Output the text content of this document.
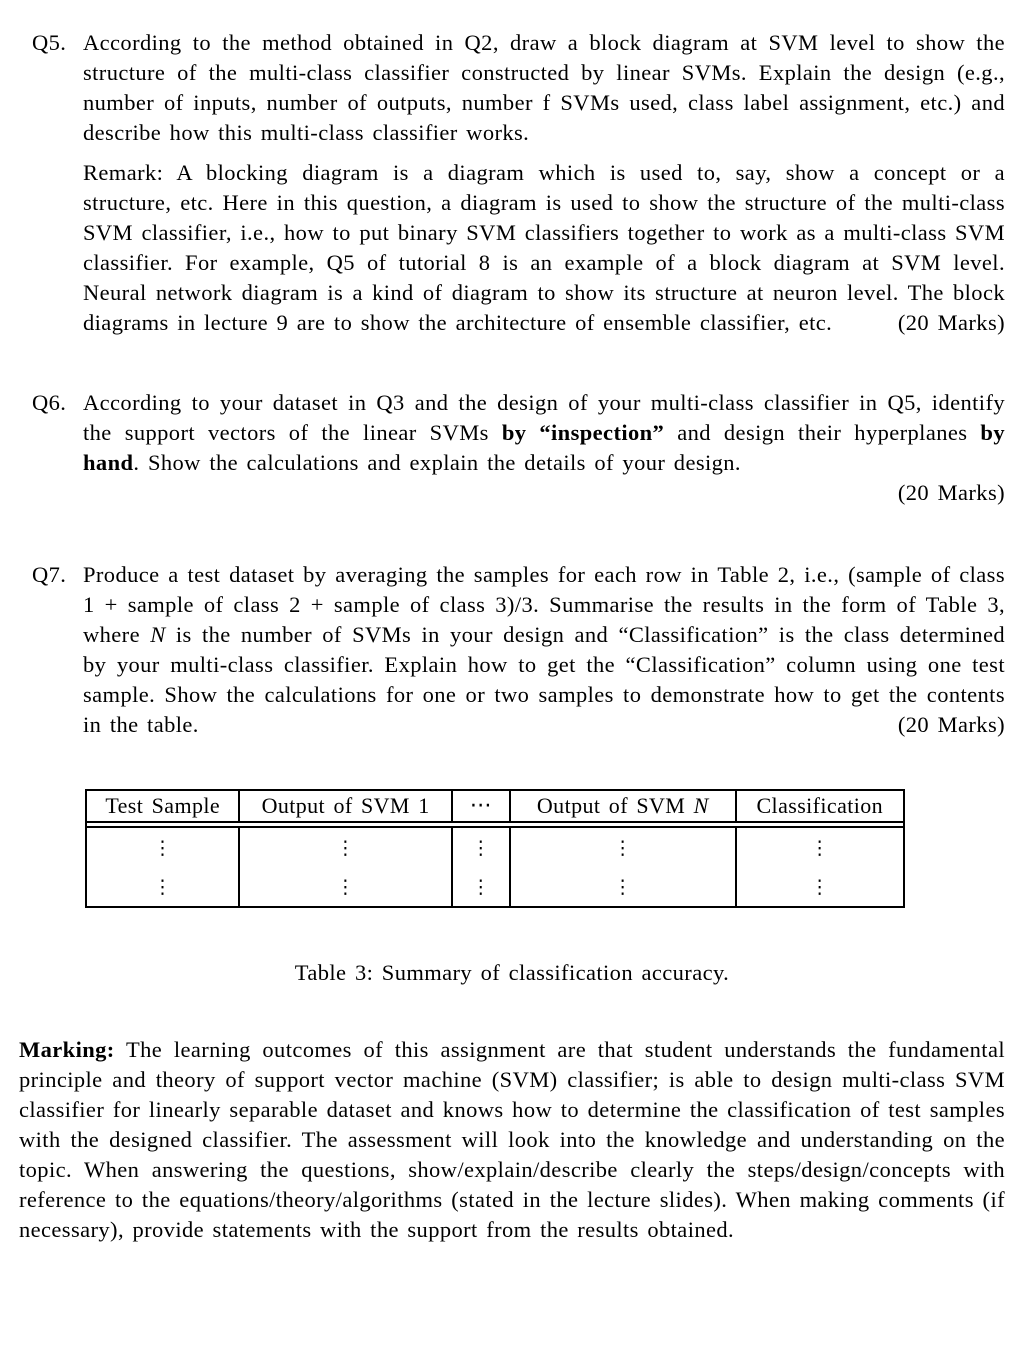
Q5. According to the method obtained in Q2, draw a block diagram at SVM level to show the structure of the multi-class classifier constructed by linear SVMs. Explain the design (e.g., number of inputs, number of outputs, number f SVMs used, class label assignment, etc.) and describe how this multi-class classifier works.

Remark: A blocking diagram is a diagram which is used to, say, show a concept or a structure, etc. Here in this question, a diagram is used to show the structure of the multi-class SVM classifier, i.e., how to put binary SVM classifiers together to work as a multi-class SVM classifier. For example, Q5 of tutorial 8 is an example of a block diagram at SVM level. Neural network diagram is a kind of diagram to show its structure at neuron level. The block diagrams in lecture 9 are to show the architecture of ensemble classifier, etc.	(20 Marks)

Q6. According to your dataset in Q3 and the design of your multi-class classifier in Q5, identify the support vectors of the linear SVMs by “inspection” and design their hyperplanes by hand. Show the calculations and explain the details of your design.

(20 Marks)

Q7. Produce a test dataset by averaging the samples for each row in Table 2, i.e., (sample of class 1 + sample of class 2 + sample of class 3)/3. Summarise the results in the form of Table 3, where N is the number of SVMs in your design and “Classification” is the class determined by your multi-class classifier. Explain how to get the “Classification” column using one test sample. Show the calculations for one or two samples to demonstrate how to get the contents in the table.	(20 Marks)

Test Sample	Output of SVM 1	⋯	Output of SVM N	Classification

⋮	⋮	⋮	⋮	⋮
⋮	⋮	⋮	⋮	⋮

Table 3: Summary of classification accuracy.

Marking: The learning outcomes of this assignment are that student understands the fundamental principle and theory of support vector machine (SVM) classifier; is able to design multi-class SVM classifier for linearly separable dataset and knows how to determine the classification of test samples with the designed classifier. The assessment will look into the knowledge and understanding on the topic. When answering the questions, show/explain/describe clearly the steps/design/concepts with reference to the equations/theory/algorithms (stated in the lecture slides). When making comments (if necessary), provide statements with the support from the results obtained.
